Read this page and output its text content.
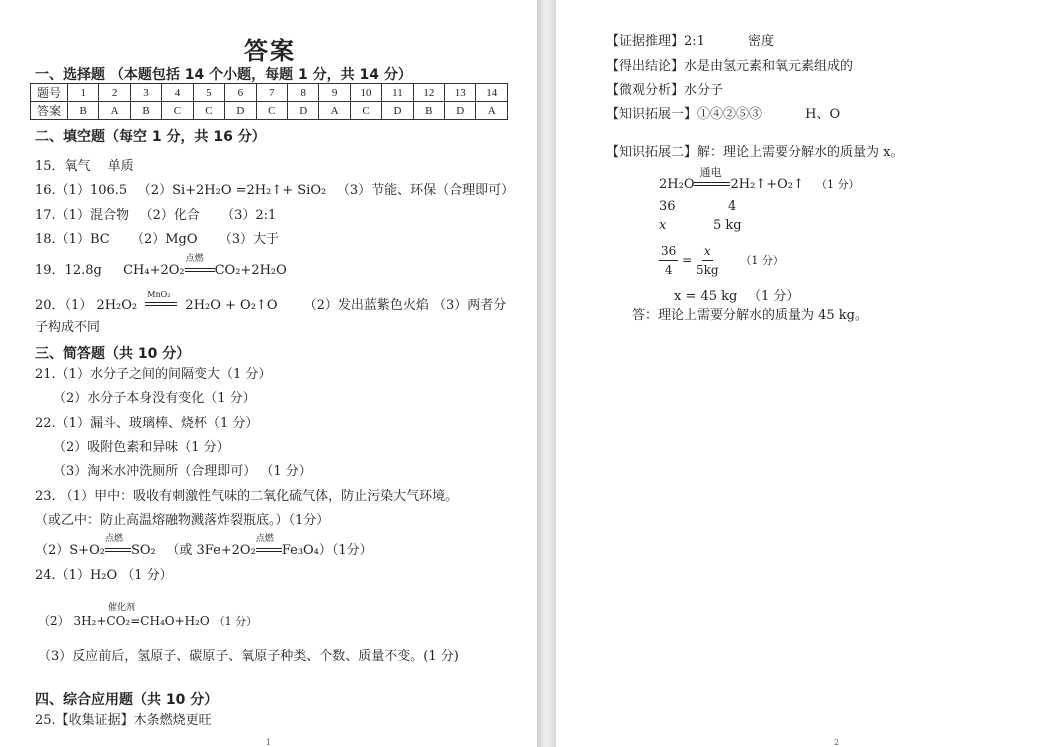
答案
一、选择题 （本题包括 14 个小题，每题 1 分，共 14 分）
题号	1	2	3	4	5	6	7	8	9	10	11	12	13	14
答案	B	A	B	C	C	D	C	D	A	C	D	B	D	A
二、填空题（每空 1 分，共 16 分）
15．氧气 　单质
16.（1）106.5 　（2）Si+2H₂O =2H₂↑+ SiO₂ 　（3）节能、环保（合理即可）
17.（1）混合物 　（2）化合 　 （3）2:1
18.（1）BC 　 （2）MgO 　 （3）大于
19．12.8g 　 CH₄+2O₂
点燃
CO₂+2H₂O
20．（1） 2H₂O₂
MnO₂
2H₂O + O₂↑O （2）发出蓝紫色火焰 （3）两者分
子构成不同
三、简答题（共 10 分）
21.（1）水分子之间的间隔变大（1 分）
（2）水分子本身没有变化（1 分）
22.（1）漏斗、玻璃棒、烧杯（1 分）
（2）吸附色素和异味（1 分）
（3）淘米水冲洗厕所（合理即可） （1 分）
23. （1）甲中：吸收有刺激性气味的二氧化硫气体，防止污染大气环境。
（或乙中：防止高温熔融物溅落炸裂瓶底。）（1分）
（2）S+O₂
点燃
SO₂ 　（或 3Fe+2O₂
点燃
Fe₃O₄）（1分）
24.（1）H₂O （1 分）
催化剂
（2） 3H₂+CO₂=CH₄O+H₂O （1 分）
（3）反应前后，氢原子、碳原子、氧原子种类、个数、质量不变。(1 分)
四、综合应用题（共 10 分）
25.【收集证据】木条燃烧更旺
1
【证据推理】2:1 　　　密度
【得出结论】水是由氢元素和氧元素组成的
【微观分析】水分子
【知识拓展一】①④②⑤③ 　　　H、O
【知识拓展二】解：理论上需要分解水的质量为 x。
2H₂O
通电
2H₂↑+O₂↑ （1 分）
36	4
x	5 kg
$\frac{36}{4} = \frac{x}{5kg} (1$ 分）
x = 45 kg 　（1 分）
答：理论上需要分解水的质量为 45 kg。
2
